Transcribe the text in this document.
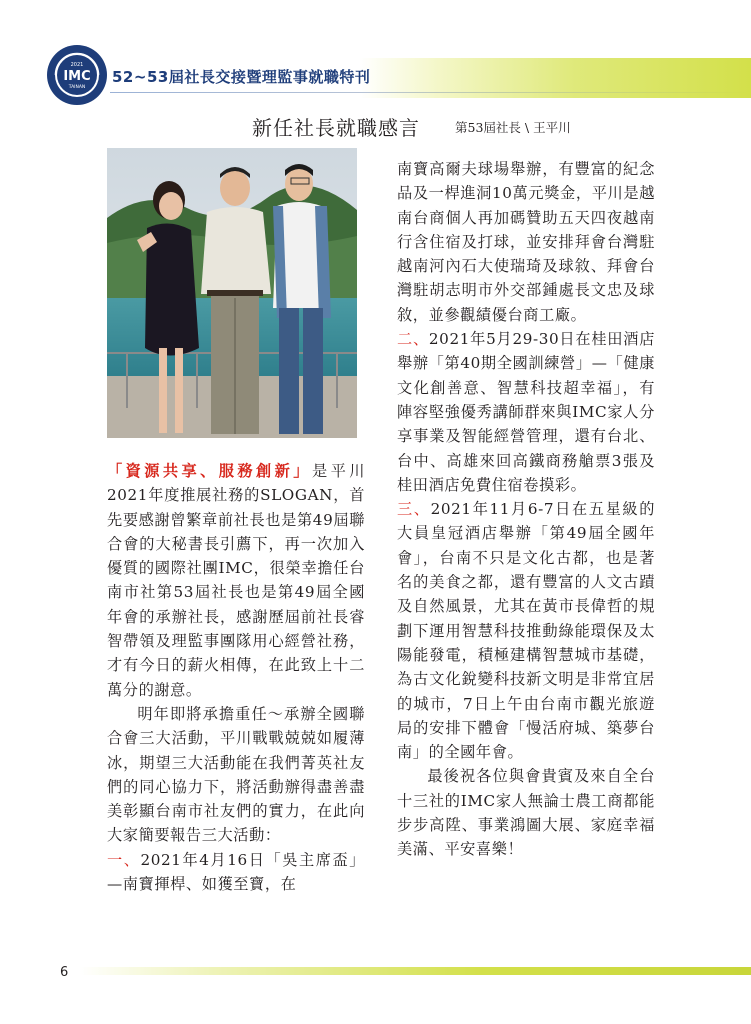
2021
IMC
TAINAN
52~53屆社長交接暨理監事就職特刊
新任社長就職感言	第53屆社長 \ 王平川

「資源共享、服務創新」是平川2021年度推展社務的SLOGAN，首先要感謝曾繁章前社長也是第49屆聯合會的大秘書長引薦下，再一次加入優質的國際社團IMC，很榮幸擔任台南市社第53屆社長也是第49屆全國年會的承辦社長，感謝歷屆前社長睿智帶領及理監事團隊用心經營社務，才有今日的薪火相傳，在此致上十二萬分的謝意。

明年即將承擔重任～承辦全國聯合會三大活動，平川戰戰兢兢如履薄冰，期望三大活動能在我們菁英社友們的同心協力下，將活動辦得盡善盡美彰顯台南市社友們的實力，在此向大家簡要報告三大活動：

一、2021年4月16日「吳主席盃」—南寶揮桿、如獲至寶，在

南寶高爾夫球場舉辦，有豐富的紀念品及一桿進洞10萬元獎金，平川是越南台商個人再加碼贊助五天四夜越南行含住宿及打球，並安排拜會台灣駐越南河內石大使瑞琦及球敘、拜會台灣駐胡志明市外交部鍾處長文忠及球敘，並參觀績優台商工廠。

二、2021年5月29-30日在桂田酒店舉辦「第40期全國訓練營」—「健康文化創善意、智慧科技超幸福」，有陣容堅強優秀講師群來與IMC家人分享事業及智能經營管理，還有台北、台中、高雄來回高鐵商務艙票3張及桂田酒店免費住宿卷摸彩。

三、2021年11月6-7日在五星級的大員皇冠酒店舉辦「第49屆全國年會」，台南不只是文化古都，也是著名的美食之都，還有豐富的人文古蹟及自然風景，尤其在黃市長偉哲的規劃下運用智慧科技推動綠能環保及太陽能發電，積極建構智慧城市基礎，為古文化銳變科技新文明是非常宜居的城市，7日上午由台南市觀光旅遊局的安排下體會「慢活府城、築夢台南」的全國年會。

最後祝各位與會貴賓及來自全台十三社的IMC家人無論士農工商都能步步高陞、事業鴻圖大展、家庭幸福美滿、平安喜樂！

6
